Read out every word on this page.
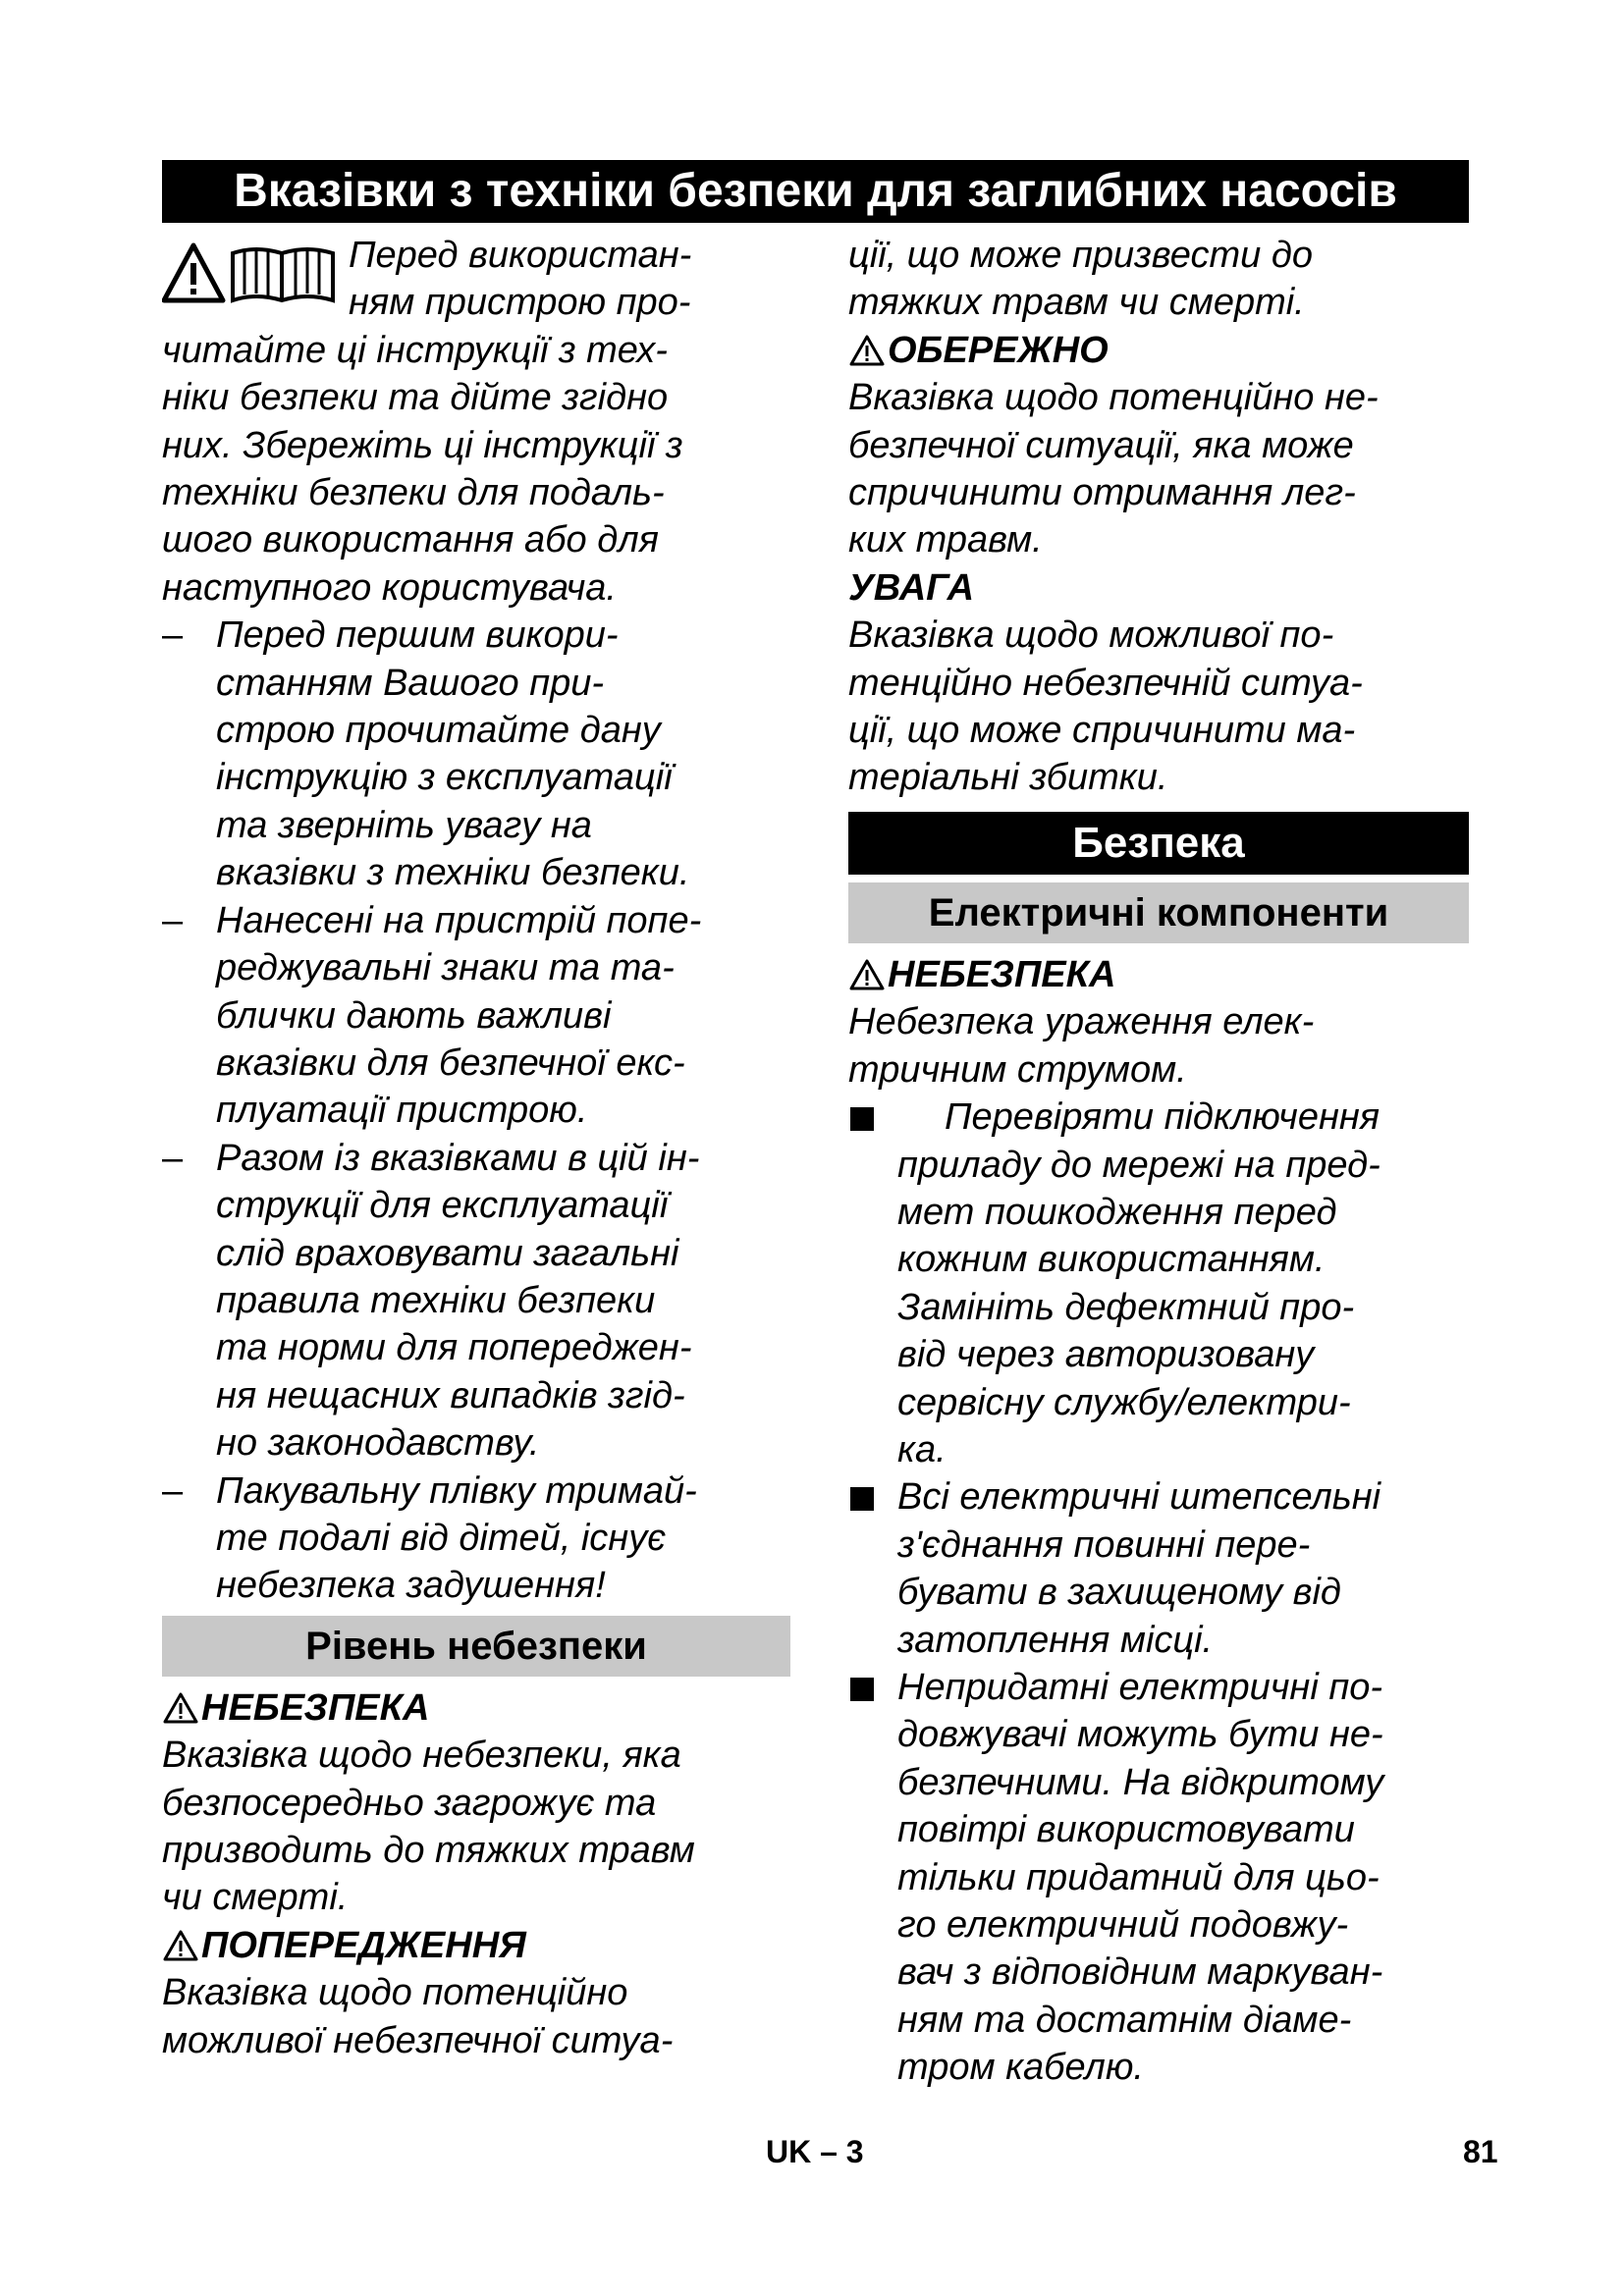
Вказівки з техніки безпеки для заглибних насосів
Перед використан-
ням пристрою про-
читайте ці інструкції з тех-
ніки безпеки та дійте згідно
них. Збережіть ці інструкції з
техніки безпеки для подаль-
шого використання або для
наступного користувача.
– Перед першим викори-
станням Вашого при-
строю прочитайте дану
інструкцію з експлуатації
та зверніть увагу на
вказівки з техніки безпеки.
– Нанесені на пристрій попе-
реджувальні знаки та та-
блички дають важливі
вказівки для безпечної екс-
плуатації пристрою.
– Разом із вказівками в цій ін-
струкції для експлуатації
слід враховувати загальні
правила техніки безпеки
та норми для попереджен-
ня нещасних випадків згід-
но законодавству.
– Пакувальну плівку тримай-
те подалі від дітей, існує
небезпека задушення!
Рівень небезпеки
НЕБЕЗПЕКА
Вказівка щодо небезпеки, яка
безпосередньо загрожує та
призводить до тяжких травм
чи смерті.
ПОПЕРЕДЖЕННЯ
Вказівка щодо потенційно
можливої небезпечної ситуа-
ції, що може призвести до
тяжких травм чи смерті.
ОБЕРЕЖНО
Вказівка щодо потенційно не-
безпечної ситуації, яка може
спричинити отримання лег-
ких травм.
УВАГА
Вказівка щодо можливої по-
тенційно небезпечній ситуа-
ції, що може спричинити ма-
теріальні збитки.
Безпека
Електричні компоненти
НЕБЕЗПЕКА
Небезпека ураження елек-
тричним струмом.
Перевіряти підключення
приладу до мережі на пред-
мет пошкодження перед
кожним використанням.
Замініть дефектний про-
від через авторизовану
сервісну службу/електри-
ка.
Всі електричні штепсельні
з'єднання повинні пере-
бувати в захищеному від
затоплення місці.
Непридатні електричні по-
довжувачі можуть бути не-
безпечними. На відкритому
повітрі використовувати
тільки придатний для цьо-
го електричний подовжу-
вач з відповідним маркуван-
ням та достатнім діаме-
тром кабелю.
UK – 3	81
